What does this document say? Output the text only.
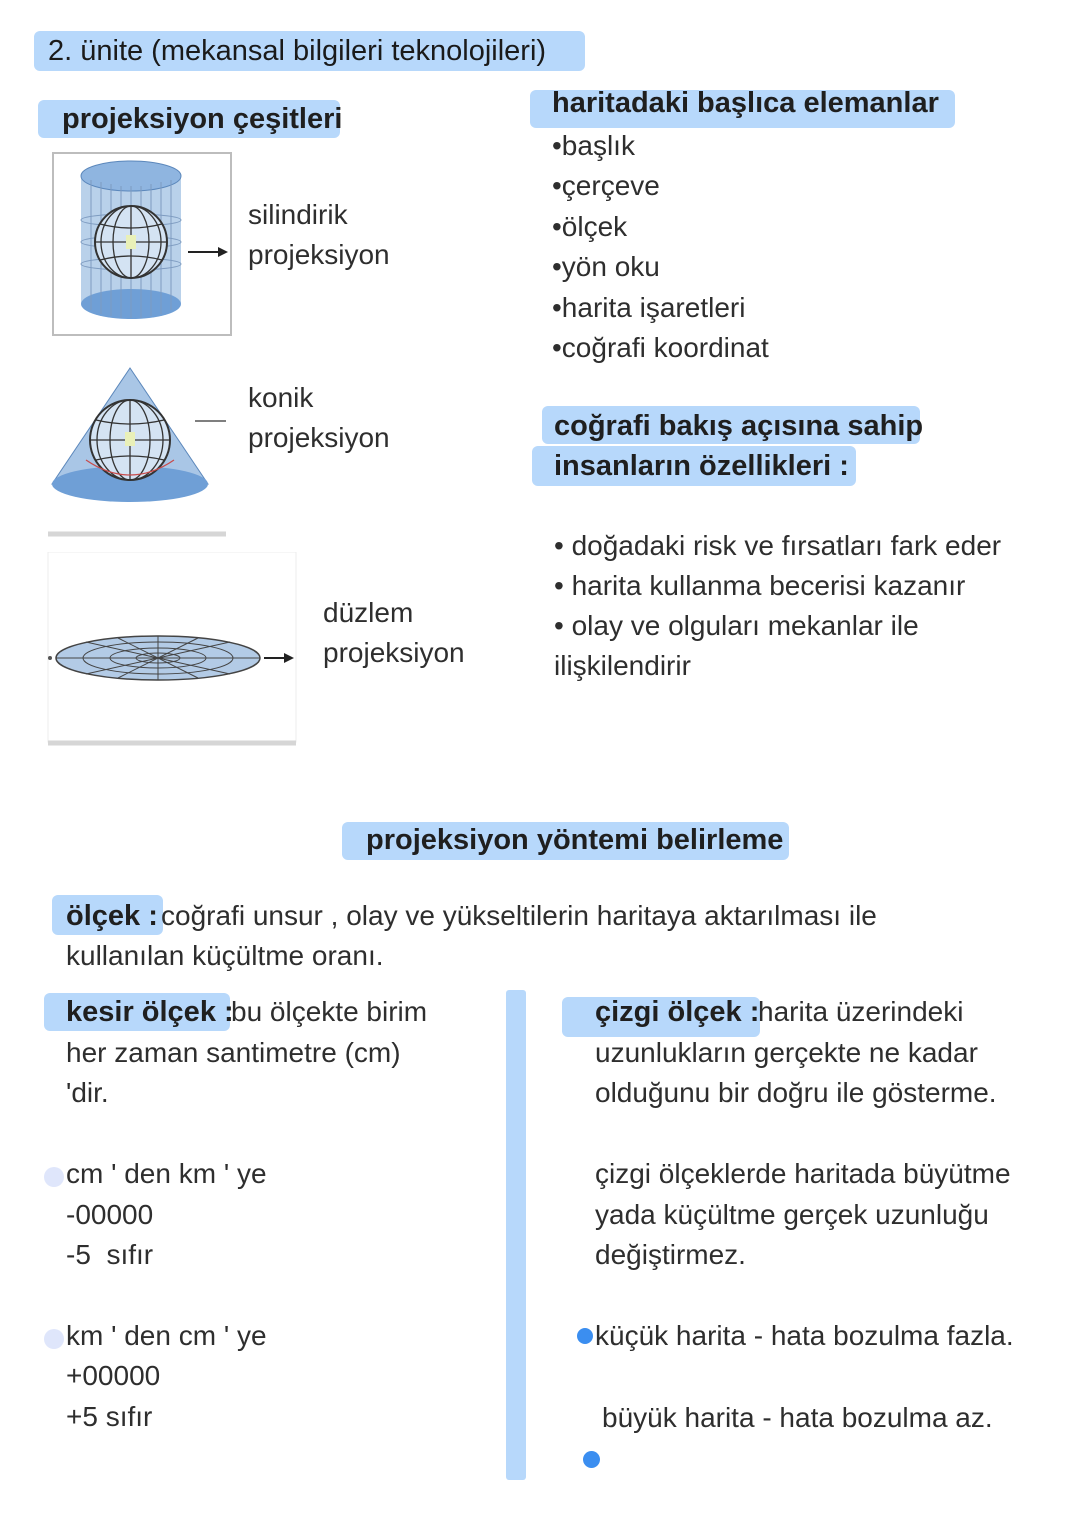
2. ünite (mekansal bilgileri teknolojileri)
projeksiyon çeşitleri
silindirik
projeksiyon
konik
projeksiyon
düzlem
projeksiyon
haritadaki başlıca elemanlar
•başlık
•çerçeve
•ölçek
•yön oku
•harita işaretleri
•coğrafi koordinat
coğrafi bakış açısına sahip
insanların özellikleri :
• doğadaki risk ve fırsatları fark eder
• harita kullanma becerisi kazanır
• olay ve olguları mekanlar ile
ilişkilendirir
projeksiyon yöntemi belirleme
ölçek : coğrafi unsur , olay ve yükseltilerin haritaya aktarılması ile
kullanılan küçültme oranı.
kesir ölçek :
bu ölçekte birim
her zaman santimetre (cm)
'dir.
cm ' den km ' ye
-00000
-5  sıfır
km ' den cm ' ye
+00000
+5 sıfır
çizgi ölçek :
harita üzerindeki
uzunlukların gerçekte ne kadar
olduğunu bir doğru ile gösterme.
çizgi ölçeklerde haritada büyütme
yada küçültme gerçek uzunluğu
değiştirmez.
küçük harita - hata bozulma fazla.
büyük harita - hata bozulma az.
